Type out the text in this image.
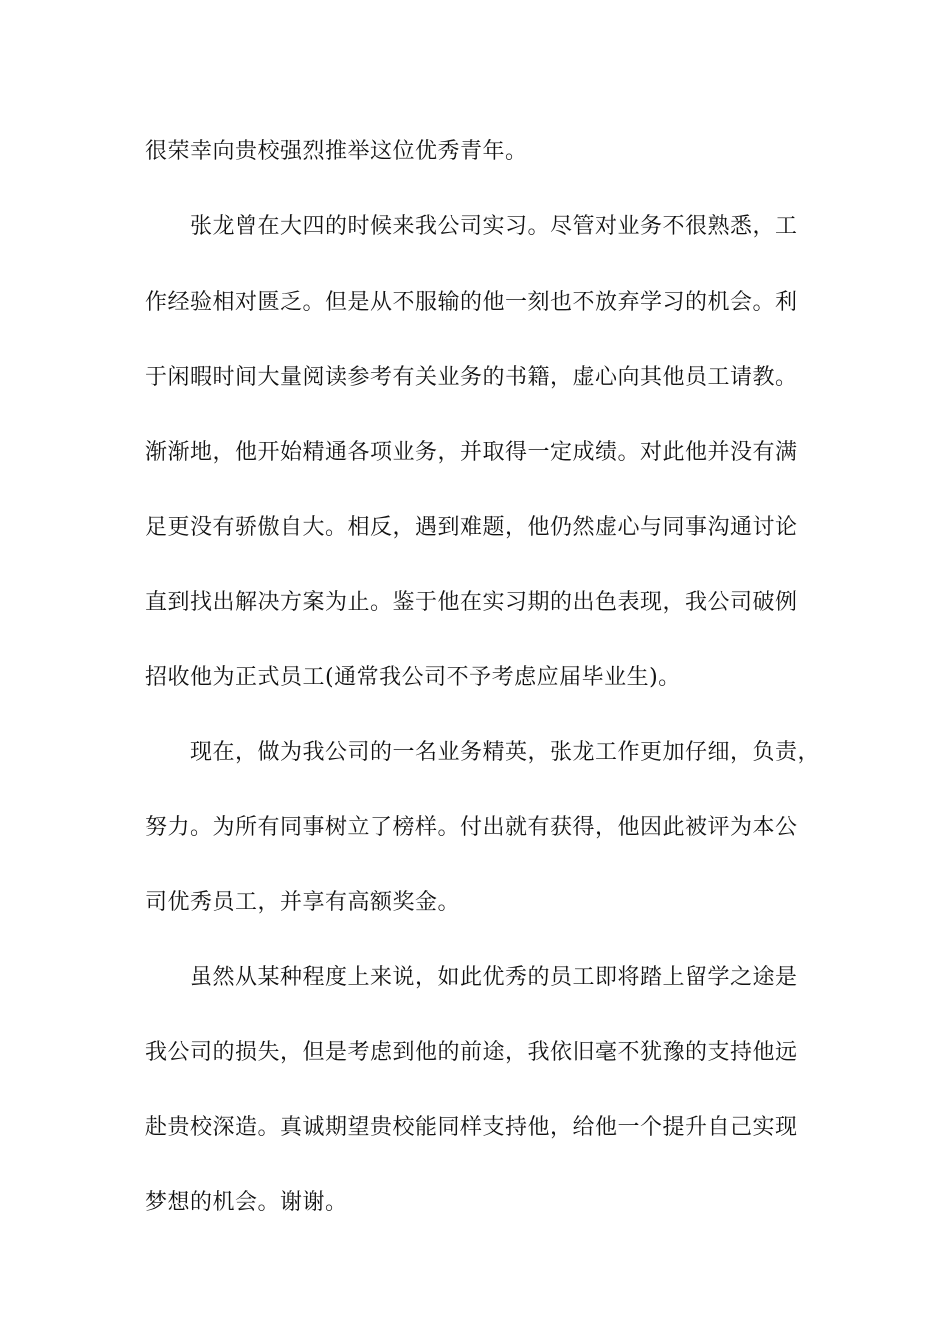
很荣幸向贵校强烈推举这位优秀青年。
张龙曾在大四的时候来我公司实习。尽管对业务不很熟悉，工
作经验相对匮乏。但是从不服输的他一刻也不放弃学习的机会。利
于闲暇时间大量阅读参考有关业务的书籍，虚心向其他员工请教。
渐渐地，他开始精通各项业务，并取得一定成绩。对此他并没有满
足更没有骄傲自大。相反，遇到难题，他仍然虚心与同事沟通讨论
直到找出解决方案为止。鉴于他在实习期的出色表现，我公司破例
招收他为正式员工(通常我公司不予考虑应届毕业生)。
现在，做为我公司的一名业务精英，张龙工作更加仔细，负责，
努力。为所有同事树立了榜样。付出就有获得，他因此被评为本公
司优秀员工，并享有高额奖金。
虽然从某种程度上来说，如此优秀的员工即将踏上留学之途是
我公司的损失，但是考虑到他的前途，我依旧毫不犹豫的支持他远
赴贵校深造。真诚期望贵校能同样支持他，给他一个提升自己实现
梦想的机会。谢谢。
